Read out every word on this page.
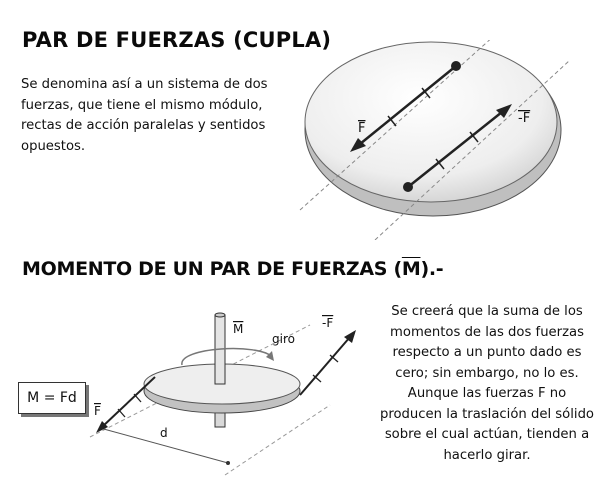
PAR DE FUERZAS (CUPLA)

Se denomina así a un sistema de dos fuerzas, que tiene el mismo módulo, rectas de acción paralelas y sentidos opuestos.

F
-F
MOMENTO DE UN PAR DE FUERZAS (M).-
M
giro
-F
F
d
M = Fd

Se creerá que la suma de los momentos de las dos fuerzas respecto a un punto dado es cero; sin embargo, no lo es. Aunque las fuerzas F no producen la traslación del sólido sobre el cual actúan, tienden a hacerlo girar.
